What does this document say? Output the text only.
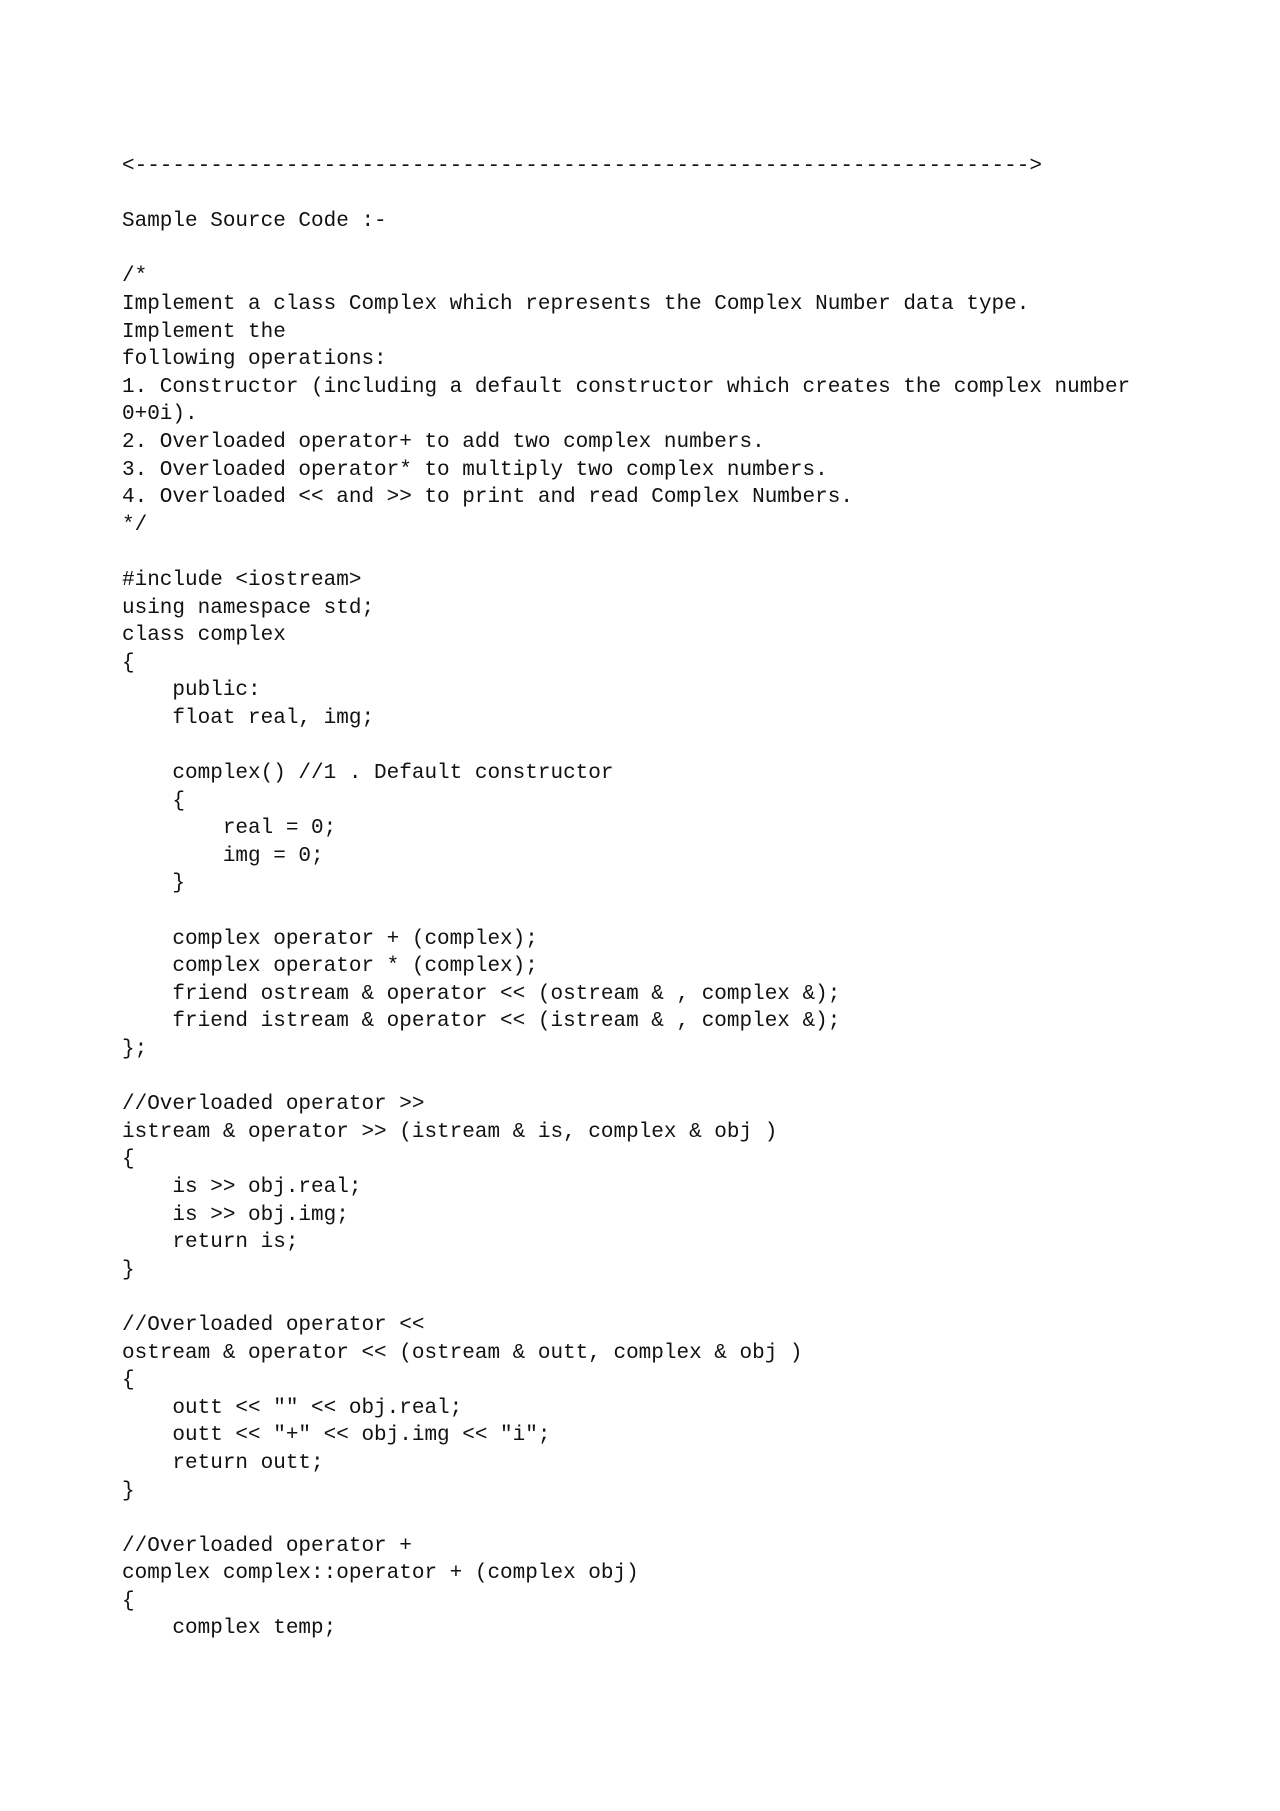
<----------------------------------------------------------------------->
Sample Source Code :-
/*
Implement a class Complex which represents the Complex Number data type.
Implement the
following operations:
1. Constructor (including a default constructor which creates the complex number
0+0i).
2. Overloaded operator+ to add two complex numbers.
3. Overloaded operator* to multiply two complex numbers.
4. Overloaded << and >> to print and read Complex Numbers.
*/
#include <iostream>
using namespace std;
class complex
{
public:
float real, img;
complex() //1 . Default constructor
{
real = 0;
img = 0;
}
complex operator + (complex);
complex operator * (complex);
friend ostream & operator << (ostream & , complex &);
friend istream & operator << (istream & , complex &);
};
//Overloaded operator >>
istream & operator >> (istream & is, complex & obj )
{
is >> obj.real;
is >> obj.img;
return is;
}
//Overloaded operator <<
ostream & operator << (ostream & outt, complex & obj )
{
outt << "" << obj.real;
outt << "+" << obj.img << "i";
return outt;
}
//Overloaded operator +
complex complex::operator + (complex obj)
{
complex temp;
